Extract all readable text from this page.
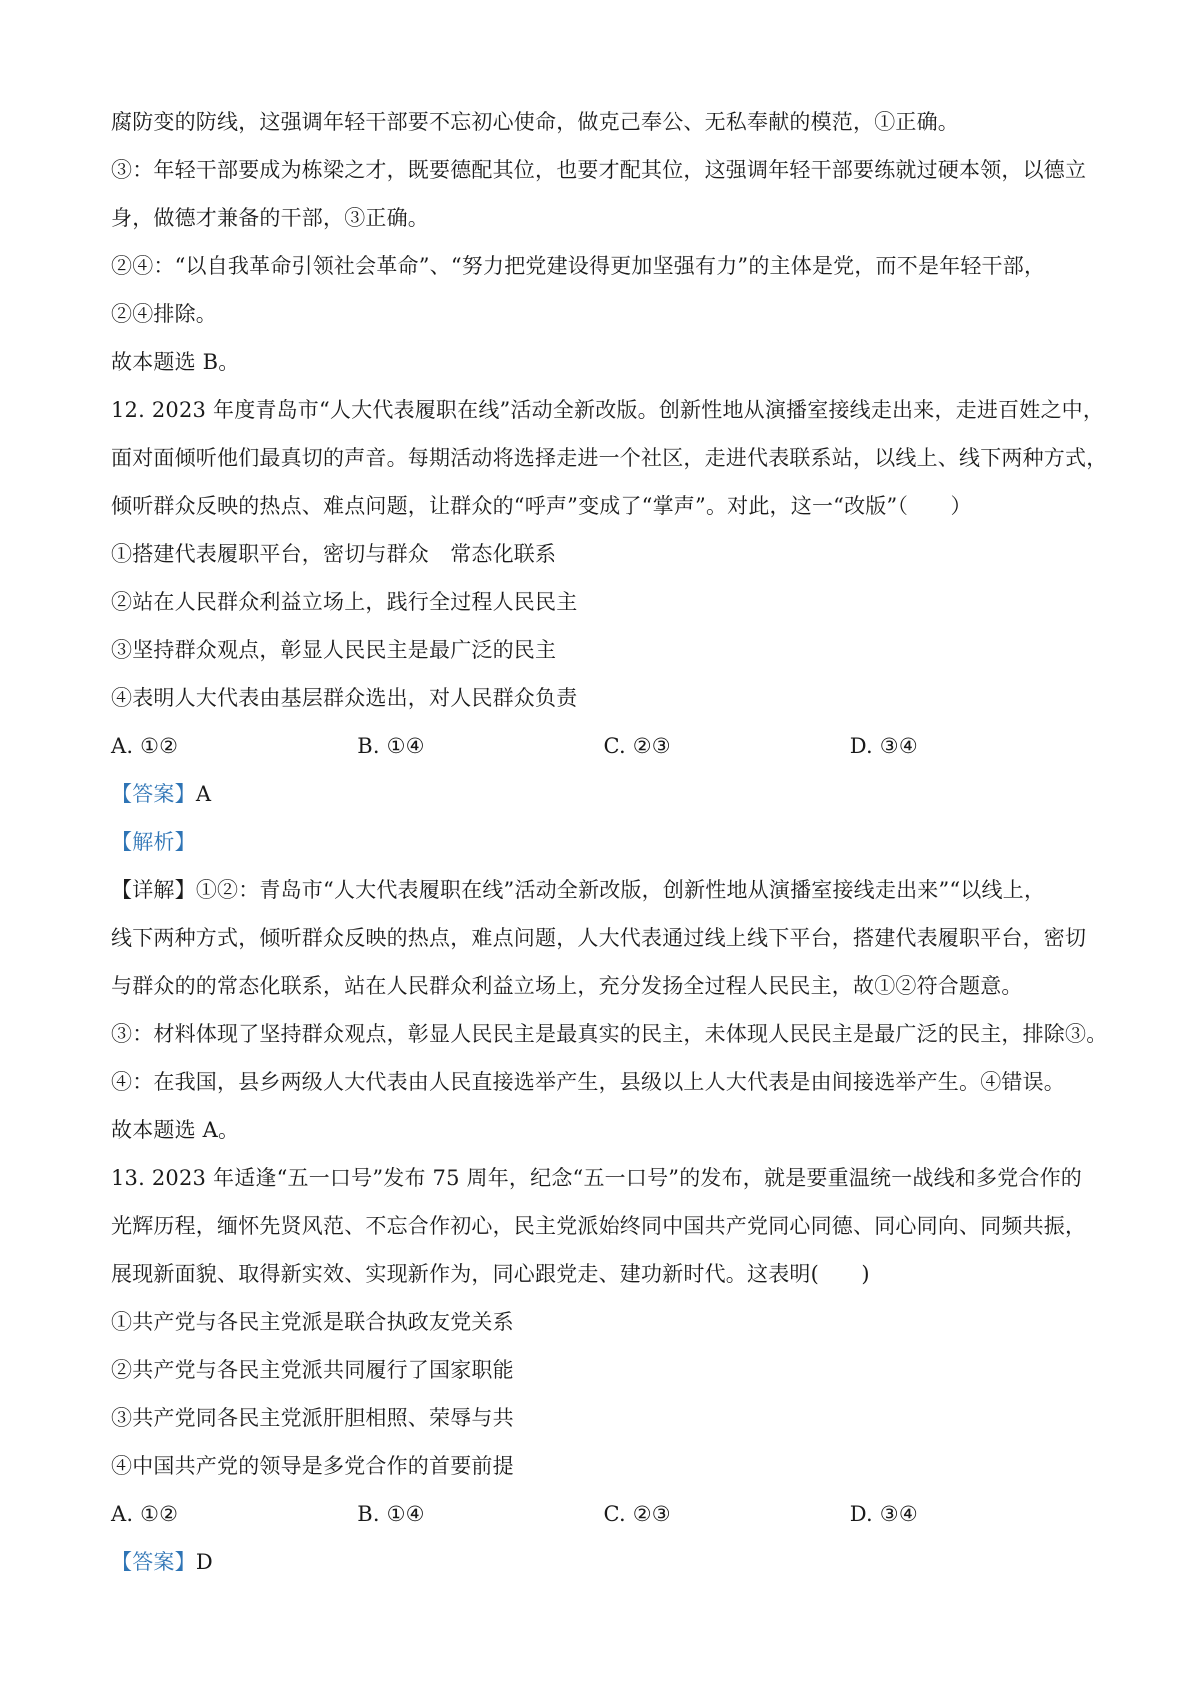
腐防变的防线，这强调年轻干部要不忘初心使命，做克己奉公、无私奉献的模范，①正确。
③：年轻干部要成为栋梁之才，既要德配其位，也要才配其位，这强调年轻干部要练就过硬本领，以德立
身，做德才兼备的干部，③正确。
②④：“以自我革命引领社会革命”、“努力把党建设得更加坚强有力”的主体是党，而不是年轻干部，
②④排除。
故本题选 B。
12. 2023 年度青岛市“人大代表履职在线”活动全新改版。创新性地从演播室接线走出来，走进百姓之中，
面对面倾听他们最真切的声音。每期活动将选择走进一个社区，走进代表联系站，以线上、线下两种方式，
倾听群众反映的热点、难点问题，让群众的“呼声”变成了“掌声”。对此，这一“改版”（　　）
①搭建代表履职平台，密切与群众　常态化联系
②站在人民群众利益立场上，践行全过程人民民主
③坚持群众观点，彰显人民民主是最广泛的民主
④表明人大代表由基层群众选出，对人民群众负责
A. ①②	B. ①④	C. ②③	D. ③④
【答案】A
【解析】
【详解】①②：青岛市“人大代表履职在线”活动全新改版，创新性地从演播室接线走出来”“以线上，
线下两种方式，倾听群众反映的热点，难点问题，人大代表通过线上线下平台，搭建代表履职平台，密切
与群众的的常态化联系，站在人民群众利益立场上，充分发扬全过程人民民主，故①②符合题意。
③：材料体现了坚持群众观点，彰显人民民主是最真实的民主，未体现人民民主是最广泛的民主，排除③。
④：在我国，县乡两级人大代表由人民直接选举产生，县级以上人大代表是由间接选举产生。④错误。
故本题选 A。
13. 2023 年适逢“五一口号”发布 75 周年，纪念“五一口号”的发布，就是要重温统一战线和多党合作的
光辉历程，缅怀先贤风范、不忘合作初心，民主党派始终同中国共产党同心同德、同心同向、同频共振，
展现新面貌、取得新实效、实现新作为，同心跟党走、建功新时代。这表明(　　)
①共产党与各民主党派是联合执政友党关系
②共产党与各民主党派共同履行了国家职能
③共产党同各民主党派肝胆相照、荣辱与共
④中国共产党的领导是多党合作的首要前提
A. ①②	B. ①④	C. ②③	D. ③④
【答案】D
